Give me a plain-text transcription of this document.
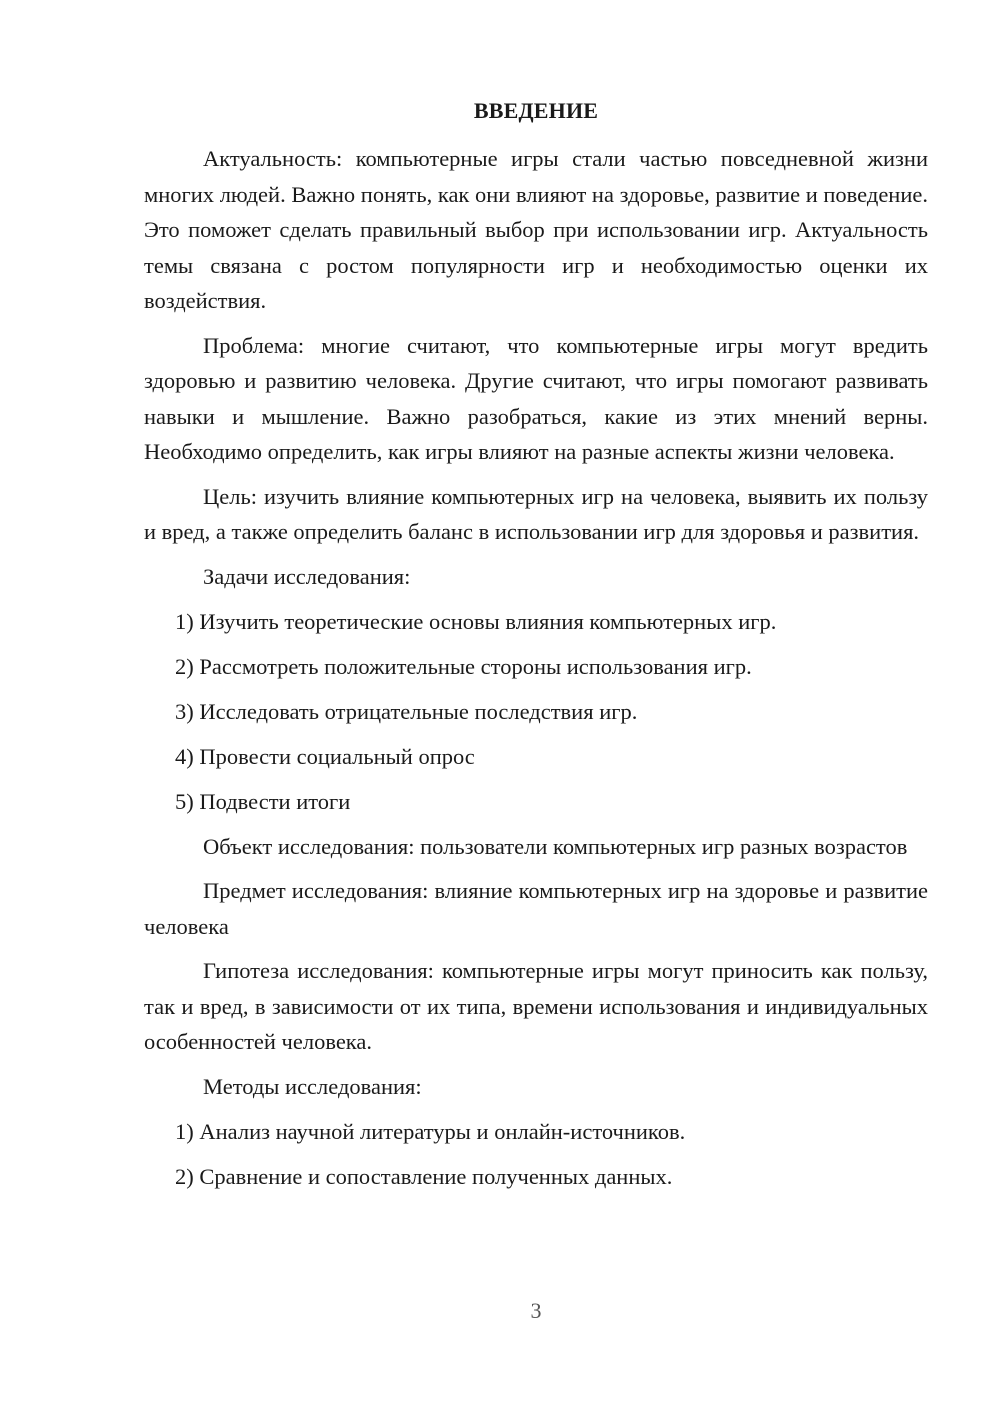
ВВЕДЕНИЕ

Актуальность: компьютерные игры стали частью повседневной жизни многих людей. Важно понять, как они влияют на здоровье, развитие и поведение. Это поможет сделать правильный выбор при использовании игр. Актуальность темы связана с ростом популярности игр и необходимостью оценки их воздействия.

Проблема: многие считают, что компьютерные игры могут вредить здоровью и развитию человека. Другие считают, что игры помогают развивать навыки и мышление. Важно разобраться, какие из этих мнений верны. Необходимо определить, как игры влияют на разные аспекты жизни человека.

Цель: изучить влияние компьютерных игр на человека, выявить их пользу и вред, а также определить баланс в использовании игр для здоровья и развития.

Задачи исследования:

1) Изучить теоретические основы влияния компьютерных игр.

2) Рассмотреть положительные стороны использования игр.

3) Исследовать отрицательные последствия игр.

4) Провести социальный опрос

5) Подвести итоги

Объект исследования: пользователи компьютерных игр разных возрастов

Предмет исследования: влияние компьютерных игр на здоровье и развитие человека

Гипотеза исследования: компьютерные игры могут приносить как пользу, так и вред, в зависимости от их типа, времени использования и индивидуальных особенностей человека.

Методы исследования:

1) Анализ научной литературы и онлайн-источников.

2) Сравнение и сопоставление полученных данных.

3
